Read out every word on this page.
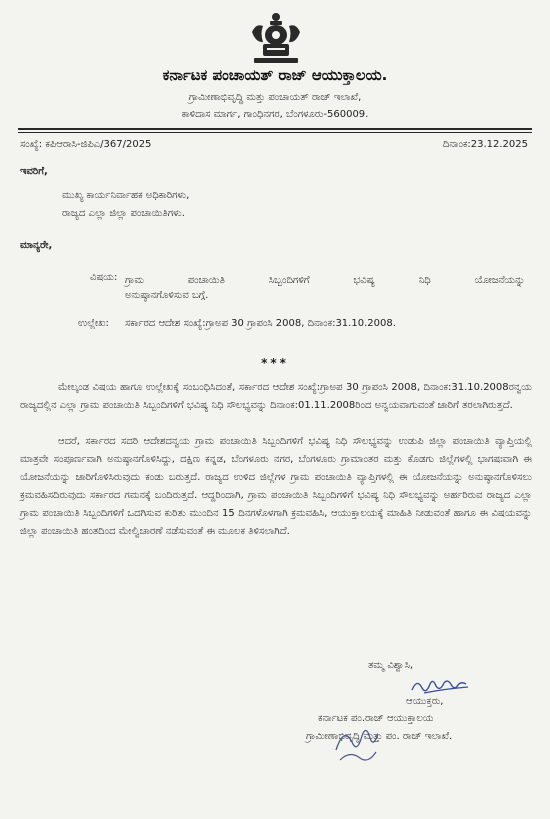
ಕರ್ನಾಟಕ ಪಂಚಾಯತ್ ರಾಜ್ ಆಯುಕ್ತಾಲಯ.
ಗ್ರಾಮೀಣಾಭಿವೃದ್ಧಿ ಮತ್ತು ಪಂಚಾಯತ್ ರಾಜ್ ಇಲಾಖೆ,
ಕಾಳಿದಾಸ ಮಾರ್ಗ, ಗಾಂಧಿನಗರ, ಬೆಂಗಳೂರು-560009.
ಸಂಖ್ಯೆ: ಕಪಿಆರಾಸಿ-ಜಿಪಿಎ/367/2025	ದಿನಾಂಕ:23.12.2025
ಇವರಿಗೆ,
ಮುಖ್ಯ ಕಾರ್ಯನಿರ್ವಾಹಕ ಅಧಿಕಾರಿಗಳು,
ರಾಜ್ಯದ ಎಲ್ಲಾ ಜಿಲ್ಲಾ ಪಂಚಾಯಿತಿಗಳು.
ಮಾನ್ಯರೇ,
ವಿಷಯ: ಗ್ರಾಮ ಪಂಚಾಯಿತಿ ಸಿಬ್ಬಂದಿಗಳಿಗೆ ಭವಿಷ್ಯ ನಿಧಿ ಯೋಜನೆಯನ್ನು
ಅನುಷ್ಠಾನಗೊಳಿಸುವ ಬಗ್ಗೆ.
ಉಲ್ಲೇಖ: ಸರ್ಕಾರದ ಆದೇಶ ಸಂಖ್ಯೆ:ಗ್ರಾಅಪ 30 ಗ್ರಾಪಂಸಿ 2008, ದಿನಾಂಕ:31.10.2008.
***
ಮೇಲ್ಕಂಡ ವಿಷಯ ಹಾಗೂ ಉಲ್ಲೇಖಕ್ಕೆ ಸಂಬಂಧಿಸಿದಂತೆ, ಸರ್ಕಾರದ ಆದೇಶ ಸಂಖ್ಯೆ:ಗ್ರಾಅಪ 30 ಗ್ರಾಪಂಸಿ 2008, ದಿನಾಂಕ:31.10.2008ರನ್ವಯ ರಾಜ್ಯದಲ್ಲಿನ ಎಲ್ಲಾ ಗ್ರಾಮ ಪಂಚಾಯಿತಿ ಸಿಬ್ಬಂದಿಗಳಿಗೆ ಭವಿಷ್ಯ ನಿಧಿ ಸೌಲಭ್ಯವನ್ನು ದಿನಾಂಕ:01.11.2008ರಿಂದ ಅನ್ವಯವಾಗುವಂತೆ ಜಾರಿಗೆ ತರಲಾಗಿರುತ್ತದೆ.
ಆದರೆ, ಸರ್ಕಾರದ ಸದರಿ ಆದೇಶದನ್ವಯ ಗ್ರಾಮ ಪಂಚಾಯಿತಿ ಸಿಬ್ಬಂದಿಗಳಿಗೆ ಭವಿಷ್ಯ ನಿಧಿ ಸೌಲಭ್ಯವನ್ನು ಉಡುಪಿ ಜಿಲ್ಲಾ ಪಂಚಾಯಿತಿ ವ್ಯಾಪ್ತಿಯಲ್ಲಿ ಮಾತ್ರವೇ ಸಂಪೂರ್ಣವಾಗಿ ಅನುಷ್ಠಾನಗೊಳಿಸಿದ್ದು, ದಕ್ಷಿಣ ಕನ್ನಡ, ಬೆಂಗಳೂರು ನಗರ, ಬೆಂಗಳೂರು ಗ್ರಾಮಾಂತರ ಮತ್ತು ಕೊಡಗು ಜಿಲ್ಲೆಗಳಲ್ಲಿ ಭಾಗಷಃವಾಗಿ ಈ ಯೋಜನೆಯನ್ನು ಜಾರಿಗೊಳಿಸಿರುವುದು ಕಂಡು ಬರುತ್ತದೆ. ರಾಜ್ಯದ ಉಳಿದ ಜಿಲ್ಲೆಗಳ ಗ್ರಾಮ ಪಂಚಾಯಿತಿ ವ್ಯಾಪ್ತಿಗಳಲ್ಲಿ ಈ ಯೋಜನೆಯನ್ನು ಅನುಷ್ಠಾನಗೊಳಿಸಲು ಕ್ರಮವಹಿಸದಿರುವುದು ಸರ್ಕಾರದ ಗಮನಕ್ಕೆ ಬಂದಿರುತ್ತದೆ. ಆದ್ದರಿಂದಾಗಿ, ಗ್ರಾಮ ಪಂಚಾಯಿತಿ ಸಿಬ್ಬಂದಿಗಳಿಗೆ ಭವಿಷ್ಯ ನಿಧಿ ಸೌಲಭ್ಯವನ್ನು ಅರ್ಹರಿರುವ ರಾಜ್ಯದ ಎಲ್ಲಾ ಗ್ರಾಮ ಪಂಚಾಯಿತಿ ಸಿಬ್ಬಂದಿಗಳಿಗೆ ಒದಗಿಸುವ ಕುರಿತು ಮುಂದಿನ 15 ದಿನಗಳೊಳಗಾಗಿ ಕ್ರಮವಹಿಸಿ, ಆಯುಕ್ತಾಲಯಕ್ಕೆ ಮಾಹಿತಿ ನೀಡುವಂತೆ ಹಾಗೂ ಈ ವಿಷಯವನ್ನು ಜಿಲ್ಲಾ ಪಂಚಾಯಿತಿ ಹಂತದಿಂದ ಮೇಲ್ವಿಚಾರಣೆ ನಡೆಸುವಂತೆ ಈ ಮೂಲಕ ತಿಳಿಸಲಾಗಿದೆ.
ತಮ್ಮ ವಿಶ್ವಾಸಿ,
ಆಯುಕ್ತರು,
ಕರ್ನಾಟಕ ಪಂ.ರಾಜ್ ಆಯುಕ್ತಾಲಯ
ಗ್ರಾಮೀಣಾಭಿವೃದ್ಧಿ ಮತ್ತು ಪಂ. ರಾಜ್ ಇಲಾಖೆ.
